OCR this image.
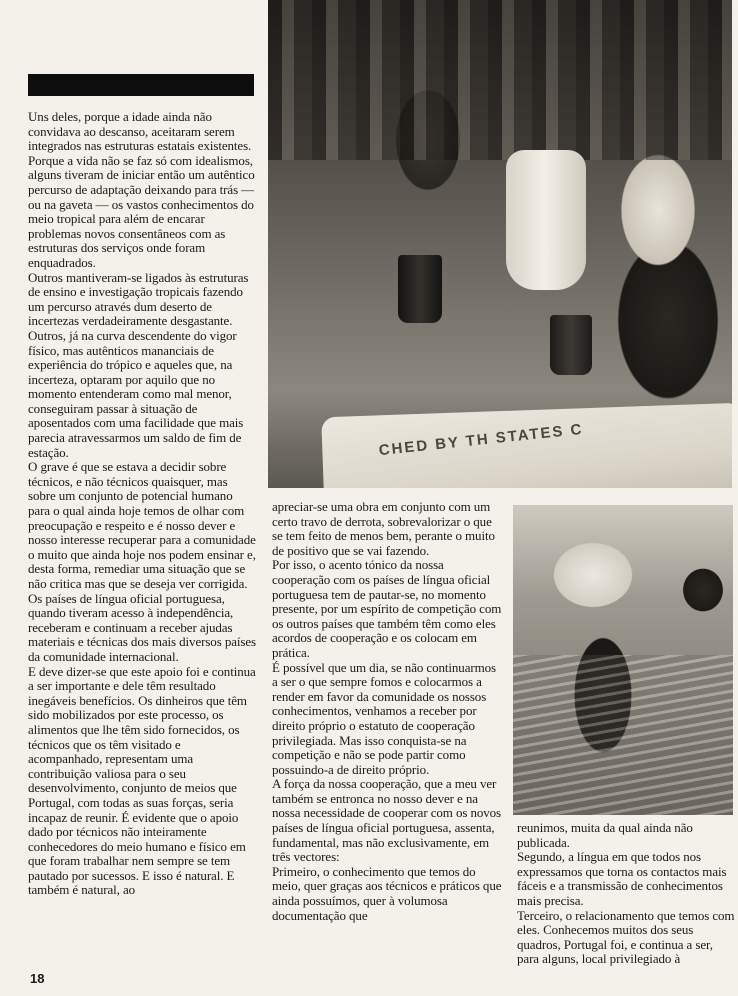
CHED BY TH STATES C

Uns deles, porque a idade ainda não convidava ao descanso, aceitaram serem integrados nas estruturas estatais existentes. Porque a vida não se faz só com idealismos, alguns tiveram de iniciar então um autêntico percurso de adaptação deixando para trás — ou na gaveta — os vastos conhecimentos do meio tropical para além de encarar problemas novos consentâneos com as estruturas dos serviços onde foram enquadrados.

Outros mantiveram-se ligados às estruturas de ensino e investigação tropicais fazendo um percurso através dum deserto de incertezas verdadeiramente desgastante.

Outros, já na curva descendente do vigor físico, mas autênticos mananciais de experiência do trópico e aqueles que, na incerteza, optaram por aquilo que no momento entenderam como mal menor, conseguiram passar à situação de aposentados com uma facilidade que mais parecia atravessarmos um saldo de fim de estação.

O grave é que se estava a decidir sobre técnicos, e não técnicos quaisquer, mas sobre um conjunto de potencial humano para o qual ainda hoje temos de olhar com preocupação e respeito e é nosso dever e nosso interesse recuperar para a comunidade o muito que ainda hoje nos podem ensinar e, desta forma, remediar uma situação que se não critica mas que se deseja ver corrigida.

Os países de língua oficial portuguesa, quando tiveram acesso à independência, receberam e continuam a receber ajudas materiais e técnicas dos mais diversos países da comunidade internacional.

E deve dizer-se que este apoio foi e continua a ser importante e dele têm resultado inegáveis benefícios. Os dinheiros que têm sido mobilizados por este processo, os alimentos que lhe têm sido fornecidos, os técnicos que os têm visitado e acompanhado, representam uma contribuição valiosa para o seu desenvolvimento, conjunto de meios que Portugal, com todas as suas forças, seria incapaz de reunir. É evidente que o apoio dado por técnicos não inteiramente conhecedores do meio humano e físico em que foram trabalhar nem sempre se tem pautado por sucessos. E isso é natural. E também é natural, ao

apreciar-se uma obra em conjunto com um certo travo de derrota, sobrevalorizar o que se tem feito de menos bem, perante o muito de positivo que se vai fazendo.

Por isso, o acento tónico da nossa cooperação com os países de língua oficial portuguesa tem de pautar-se, no momento presente, por um espírito de competição com os outros países que também têm como eles acordos de cooperação e os colocam em prática.

É possível que um dia, se não continuarmos a ser o que sempre fomos e colocarmos a render em favor da comunidade os nossos conhecimentos, venhamos a receber por direito próprio o estatuto de cooperação privilegiada. Mas isso conquista-se na competição e não se pode partir como possuindo-a de direito próprio.

A força da nossa cooperação, que a meu ver também se entronca no nosso dever e na nossa necessidade de cooperar com os novos países de língua oficial portuguesa, assenta, fundamental, mas não exclusivamente, em três vectores:

Primeiro, o conhecimento que temos do meio, quer graças aos técnicos e práticos que ainda possuímos, quer à volumosa documentação que

reunimos, muita da qual ainda não publicada.

Segundo, a língua em que todos nos expressamos que torna os contactos mais fáceis e a transmissão de conhecimentos mais precisa.

Terceiro, o relacionamento que temos com eles. Conhecemos muitos dos seus quadros, Portugal foi, e continua a ser, para alguns, local privilegiado à

18
